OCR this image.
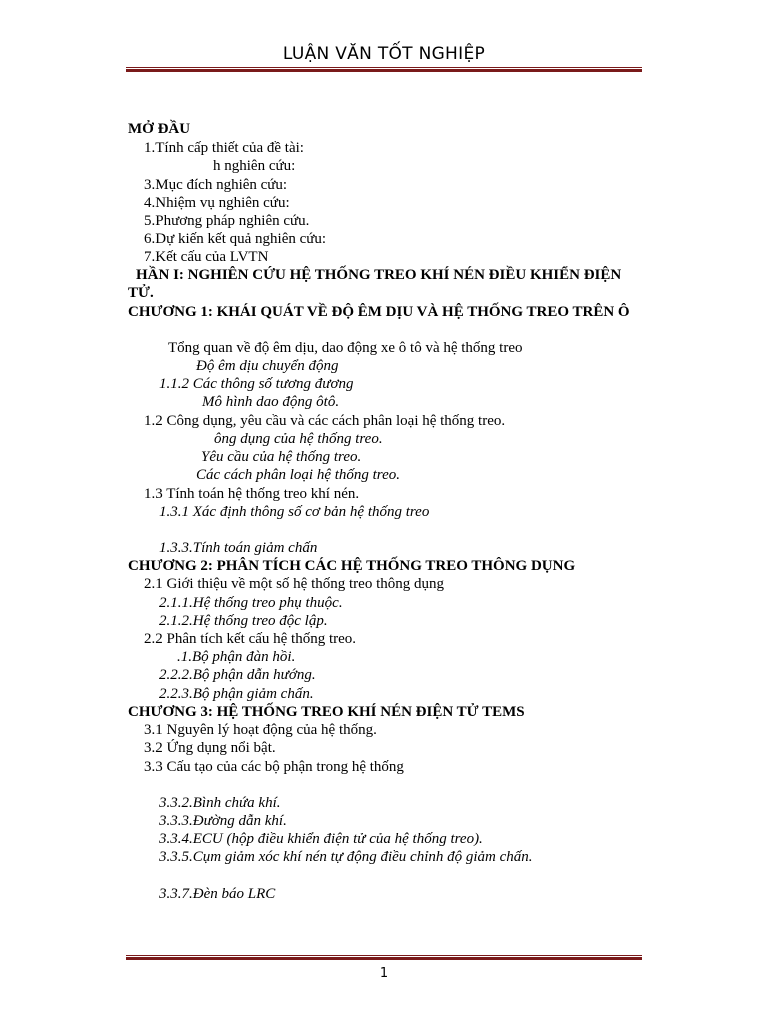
LUẬN VĂN TỐT NGHIỆP
MỞ ĐẦU
1.Tính cấp thiết của đề tài:
h nghiên cứu:
3.Mục đích nghiên cứu:
4.Nhiệm vụ nghiên cứu:
5.Phương pháp nghiên cứu.
6.Dự kiến kết quả nghiên cứu:
7.Kết cấu của LVTN
HẦN I: NGHIÊN CỨU HỆ THỐNG TREO KHÍ NÉN ĐIỀU KHIỂN ĐIỆN
TỬ.
CHƯƠNG 1: KHÁI QUÁT VỀ ĐỘ ÊM DỊU VÀ HỆ THỐNG TREO TRÊN Ô
Tổng quan về độ êm dịu, dao động xe ô tô và hệ thống treo
Độ êm dịu chuyển động
1.1.2 Các thông số tương đương
Mô hình dao động ôtô.
1.2 Công dụng, yêu cầu và các cách phân loại hệ thống treo.
ông dụng của hệ thống treo.
Yêu cầu của hệ thống treo.
Các cách phân loại hệ thống treo.
1.3 Tính toán hệ thống treo khí nén.
1.3.1 Xác định thông số cơ bản hệ thống treo
1.3.3.Tính toán giảm chấn
CHƯƠNG 2: PHÂN TÍCH CÁC HỆ THỐNG TREO THÔNG DỤNG
2.1 Giới thiệu về một số hệ thống treo thông dụng
2.1.1.Hệ thống treo phụ thuộc.
2.1.2.Hệ thống treo độc lập.
2.2 Phân tích kết cấu hệ thống treo.
.1.Bộ phận đàn hồi.
2.2.2.Bộ phận dẫn hướng.
2.2.3.Bộ phận giảm chấn.
CHƯƠNG 3: HỆ THỐNG TREO KHÍ NÉN ĐIỆN TỬ TEMS
3.1 Nguyên lý hoạt động của hệ thống.
3.2 Ứng dụng nổi bật.
3.3 Cấu tạo của các bộ phận trong hệ thống
3.3.2.Bình chứa khí.
3.3.3.Đường dẫn khí.
3.3.4.ECU (hộp điều khiển điện tử của hệ thống treo).
3.3.5.Cụm giảm xóc khí nén tự động điều chỉnh độ giảm chấn.
3.3.7.Đèn báo LRC
1
